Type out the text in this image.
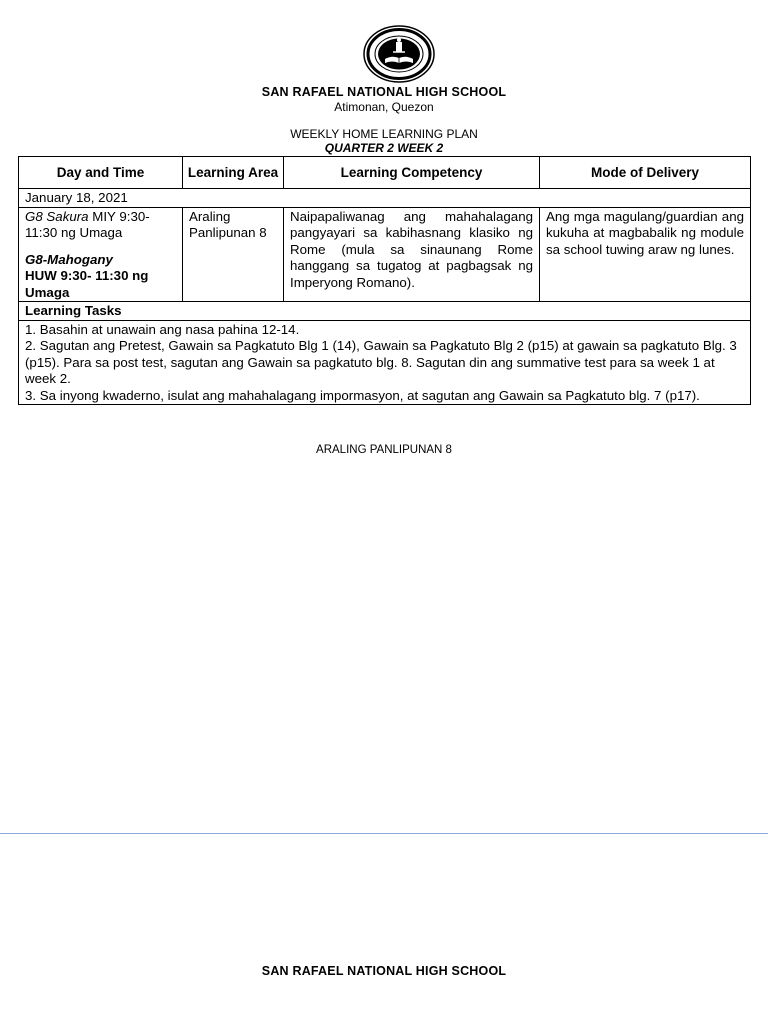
SAN RAFAEL NATIONAL HIGH SCHOOL
Atimonan, Quezon
WEEKLY HOME LEARNING PLAN
QUARTER 2 WEEK 2
Day and Time	Learning Area	Learning Competency	Mode of Delivery
January 18, 2021			

G8 Sakura MIY 9:30-11:30 ng Umaga
G8-Mahogany
HUW 9:30- 11:30 ng Umaga	Araling Panlipunan 8	Naipapaliwanag ang mahahalagang pangyayari sa kabihasnang klasiko ng Rome (mula sa sinaunang Rome hanggang sa tugatog at pagbagsak ng Imperyong Romano).	Ang mga magulang/guardian ang kukuha at magbabalik ng module sa school tuwing araw ng lunes.
Learning Tasks			

1. Basahin at unawain ang nasa pahina 12-14.
2. Sagutan ang Pretest, Gawain sa Pagkatuto Blg 1 (14), Gawain sa Pagkatuto Blg 2 (p15) at gawain sa pagkatuto Blg. 3 (p15). Para sa post test, sagutan ang Gawain sa pagkatuto blg. 8. Sagutan din ang summative test para sa week 1 at week 2.
3. Sa inyong kwaderno, isulat ang mahahalagang impormasyon, at sagutan ang Gawain sa Pagkatuto blg. 7 (p17).			
ARALING PANLIPUNAN 8
SAN RAFAEL NATIONAL HIGH SCHOOL
